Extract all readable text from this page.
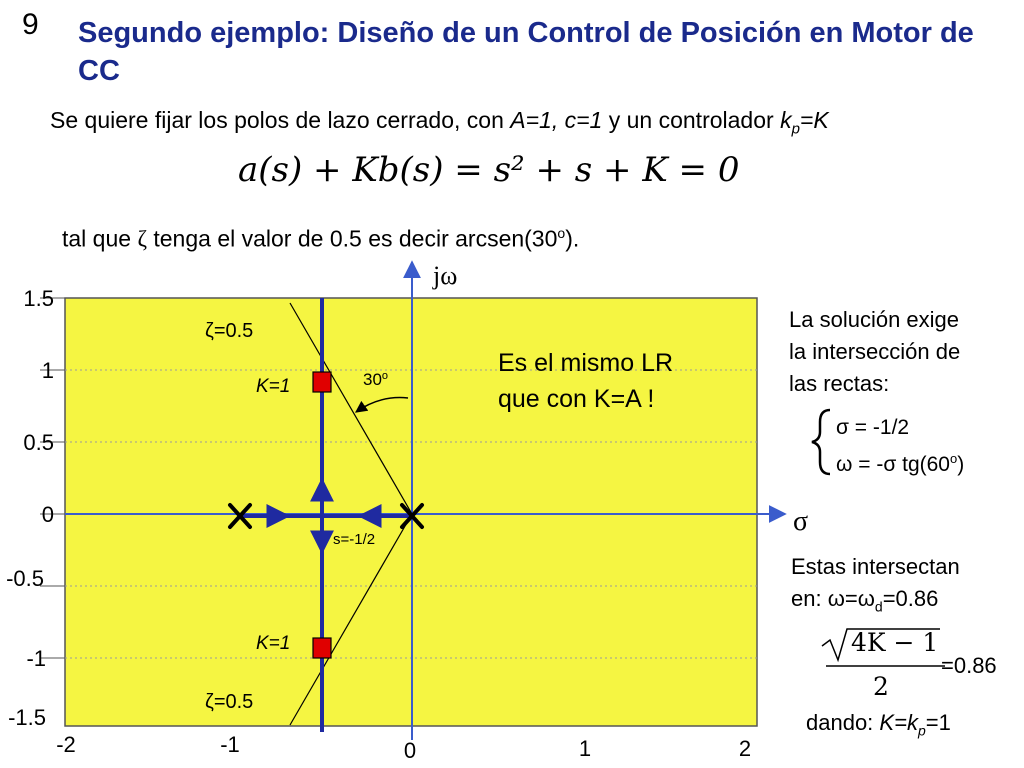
9 Segundo ejemplo: Diseño de un Control de Posición en Motor de CC
Se quiere fijar los polos de lazo cerrado, con A=1, c=1 y un controlador $k_p=K$
a(s) + Kb(s) = s² + s + K = 0
tal que ζ tenga el valor de 0.5 es decir arcsen(30$^o$).
1.5
1
0.5
0
-0.5
-1
-1.5
-2	-1	0	1	2
jω
σ
ζ=0.5
ζ=0.5
K=1
K=1
30$^o$
s=-1/2
Es el mismo LR
que con K=A !
La solución exige
la intersección de
las rectas:
σ = -1/2
ω = -σ tg(60$^o$)
Estas intersectan
en: $\omega=\omega_d=0.86$
4K − 1
2
=0.86
dando: $K=k_p=1$
